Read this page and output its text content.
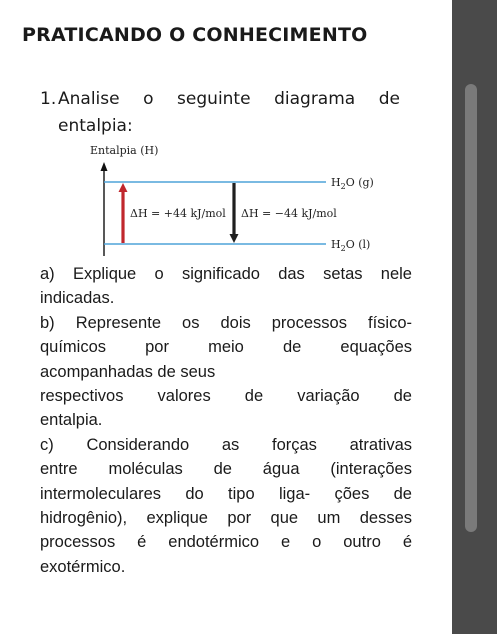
PRATICANDO O CONHECIMENTO
1. Analise o seguinte diagrama de
entalpia:
Entalpia (H)
ΔH = +44 kJ/mol ΔH = −44 kJ/mol
$H_2O$ (g)
$H_2O$ (l)

a) Explique o significado das setas nele

indicadas.

b) Represente os dois processos físico-

químicos por meio de equações

acompanhadas de seus

respectivos valores de variação de

entalpia.

c) Considerando as forças atrativas

entre moléculas de água (interações

intermoleculares do tipo liga- ções de

hidrogênio), explique por que um desses

processos é endotérmico e o outro é

exotérmico.
